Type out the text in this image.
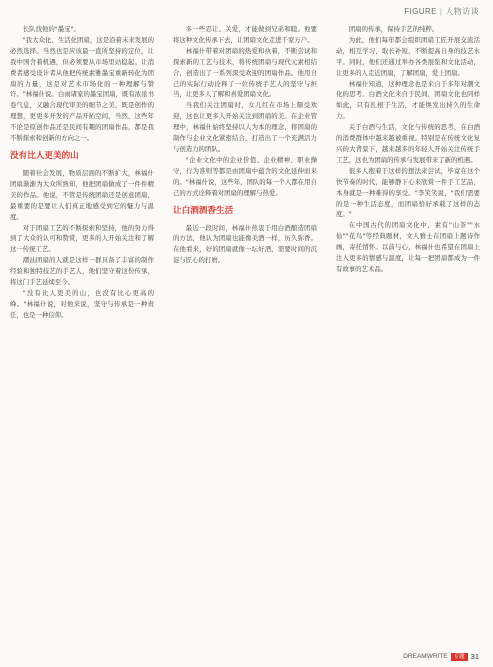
FIGURE | 人物访谈

长队找他的"墨宝"。

"我大众化、生活化团扇，这是沿着未来发展的必然选择。当然也是应该最一直所坚持的定位，让我中国含着机遇，但必须要从市场里站稳起。让消费者感受设计者从他把传统素雅墨宝重新转化为团扇的力量，这是对艺术市场化的一种理解与赞许。"林福什说。白雨诸家的墨宝团扇，既有浓浓书卷气息，又融合现代审美的细节之美，既是创作的理想，更更多开发的产品开拓空间，当然，这些年不论是原创作品还是民间有趣的团扇作品，都是我不断探索和创新的方向之一。

没有比人更美的山

随着社会发展，物质层面的不断扩大，林福什团扇渐渐为大众所熟知，他把团扇做成了一件件精美的作品。他说，不管是传统团扇还是创意团扇，最重要的是要让人们真正地感受到它的魅力与温度。

对于团扇工艺的不断探索和坚持，他的努力得到了大众的认可和赞赏，更多的人开始关注和了解这一传统工艺。

潮汕团扇的人就是这样一群具备了丰富的制作经验和独特技艺的手艺人，他们坚守着这份传承，将这门手艺延续至今。

"没有比人更美的山，也没有比心更高的峰。"林福什说，对他来说，坚守与传承是一种责任，也是一种信仰。

多一些忍让、关爱，才能做到兄弟和睦。他要将这种文化传承下去，让团扇文化走进千家万户。

林福什带着对团扇的热爱和执着，不断尝试和探索新的工艺与技术，将传统团扇与现代元素相结合，创造出了一系列深受欢迎的团扇作品。他用自己的实际行动诠释了一位传统手艺人的坚守与担当，让更多人了解和喜爱团扇文化。

当我们关注团扇时，女儿红在市场上颇受欢迎，这也让更多人开始关注到团扇的美。在企业管理中，林福什始终坚持以人为本的理念，将团扇的制作与企业文化紧密结合，打造出了一个充满活力与创造力的团队。

"企业文化中的企业价值、企业精神、职业操守，行为准则等都是由团扇中蕴含的文化延伸而来的。"林福什说，这些年，团队的每一个人都在用自己的方式诠释着对团扇的理解与热爱。

让白酒酒香生活

最近一段时间，林福什热衷于用白酒酿造团扇的方法，他认为团扇也能像美酒一样，历久弥香。在他看来，好的团扇就像一坛好酒，需要时间的沉淀与匠心的打磨。

团扇的传承，保持手艺的纯粹。

为此，他们每年都会组织团扇工匠开展交流活动，相互学习，取长补短，不断提高自身的技艺水平。同时，他们还通过举办各类展览和文化活动，让更多的人走近团扇，了解团扇，爱上团扇。

林福什知道，这种理念也是来自于多年对潮文化的思考。白酒文化来自于民间，团扇文化也同样如此，只有扎根于生活，才能焕发出持久的生命力。

关于白酒与生活，文化与传统的思考，在白酒的消费群体中越来越被重视。特别是在传统文化复兴的大背景下，越来越多的年轻人开始关注传统手工艺，这也为团扇的传承与发展带来了新的机遇。

很多人抱着于这样的想法来尝试，毕竟在这个快节奏的时代，能够静下心来欣赏一件手工艺品，本身就是一种难得的享受。"李笑笑说，"我们需要的是一种生活态度，而团扇恰好承载了这样的态度。"

在中国古代的团扇文化中，素有"山茶""水仙""花鸟"等经典题材，文人雅士在团扇上题诗作画，寄托情怀。以前与心，林福什也希望在团扇上注入更多的情感与温度，让每一把团扇都成为一件有故事的艺术品。

DREAMWRITE	专题 31
